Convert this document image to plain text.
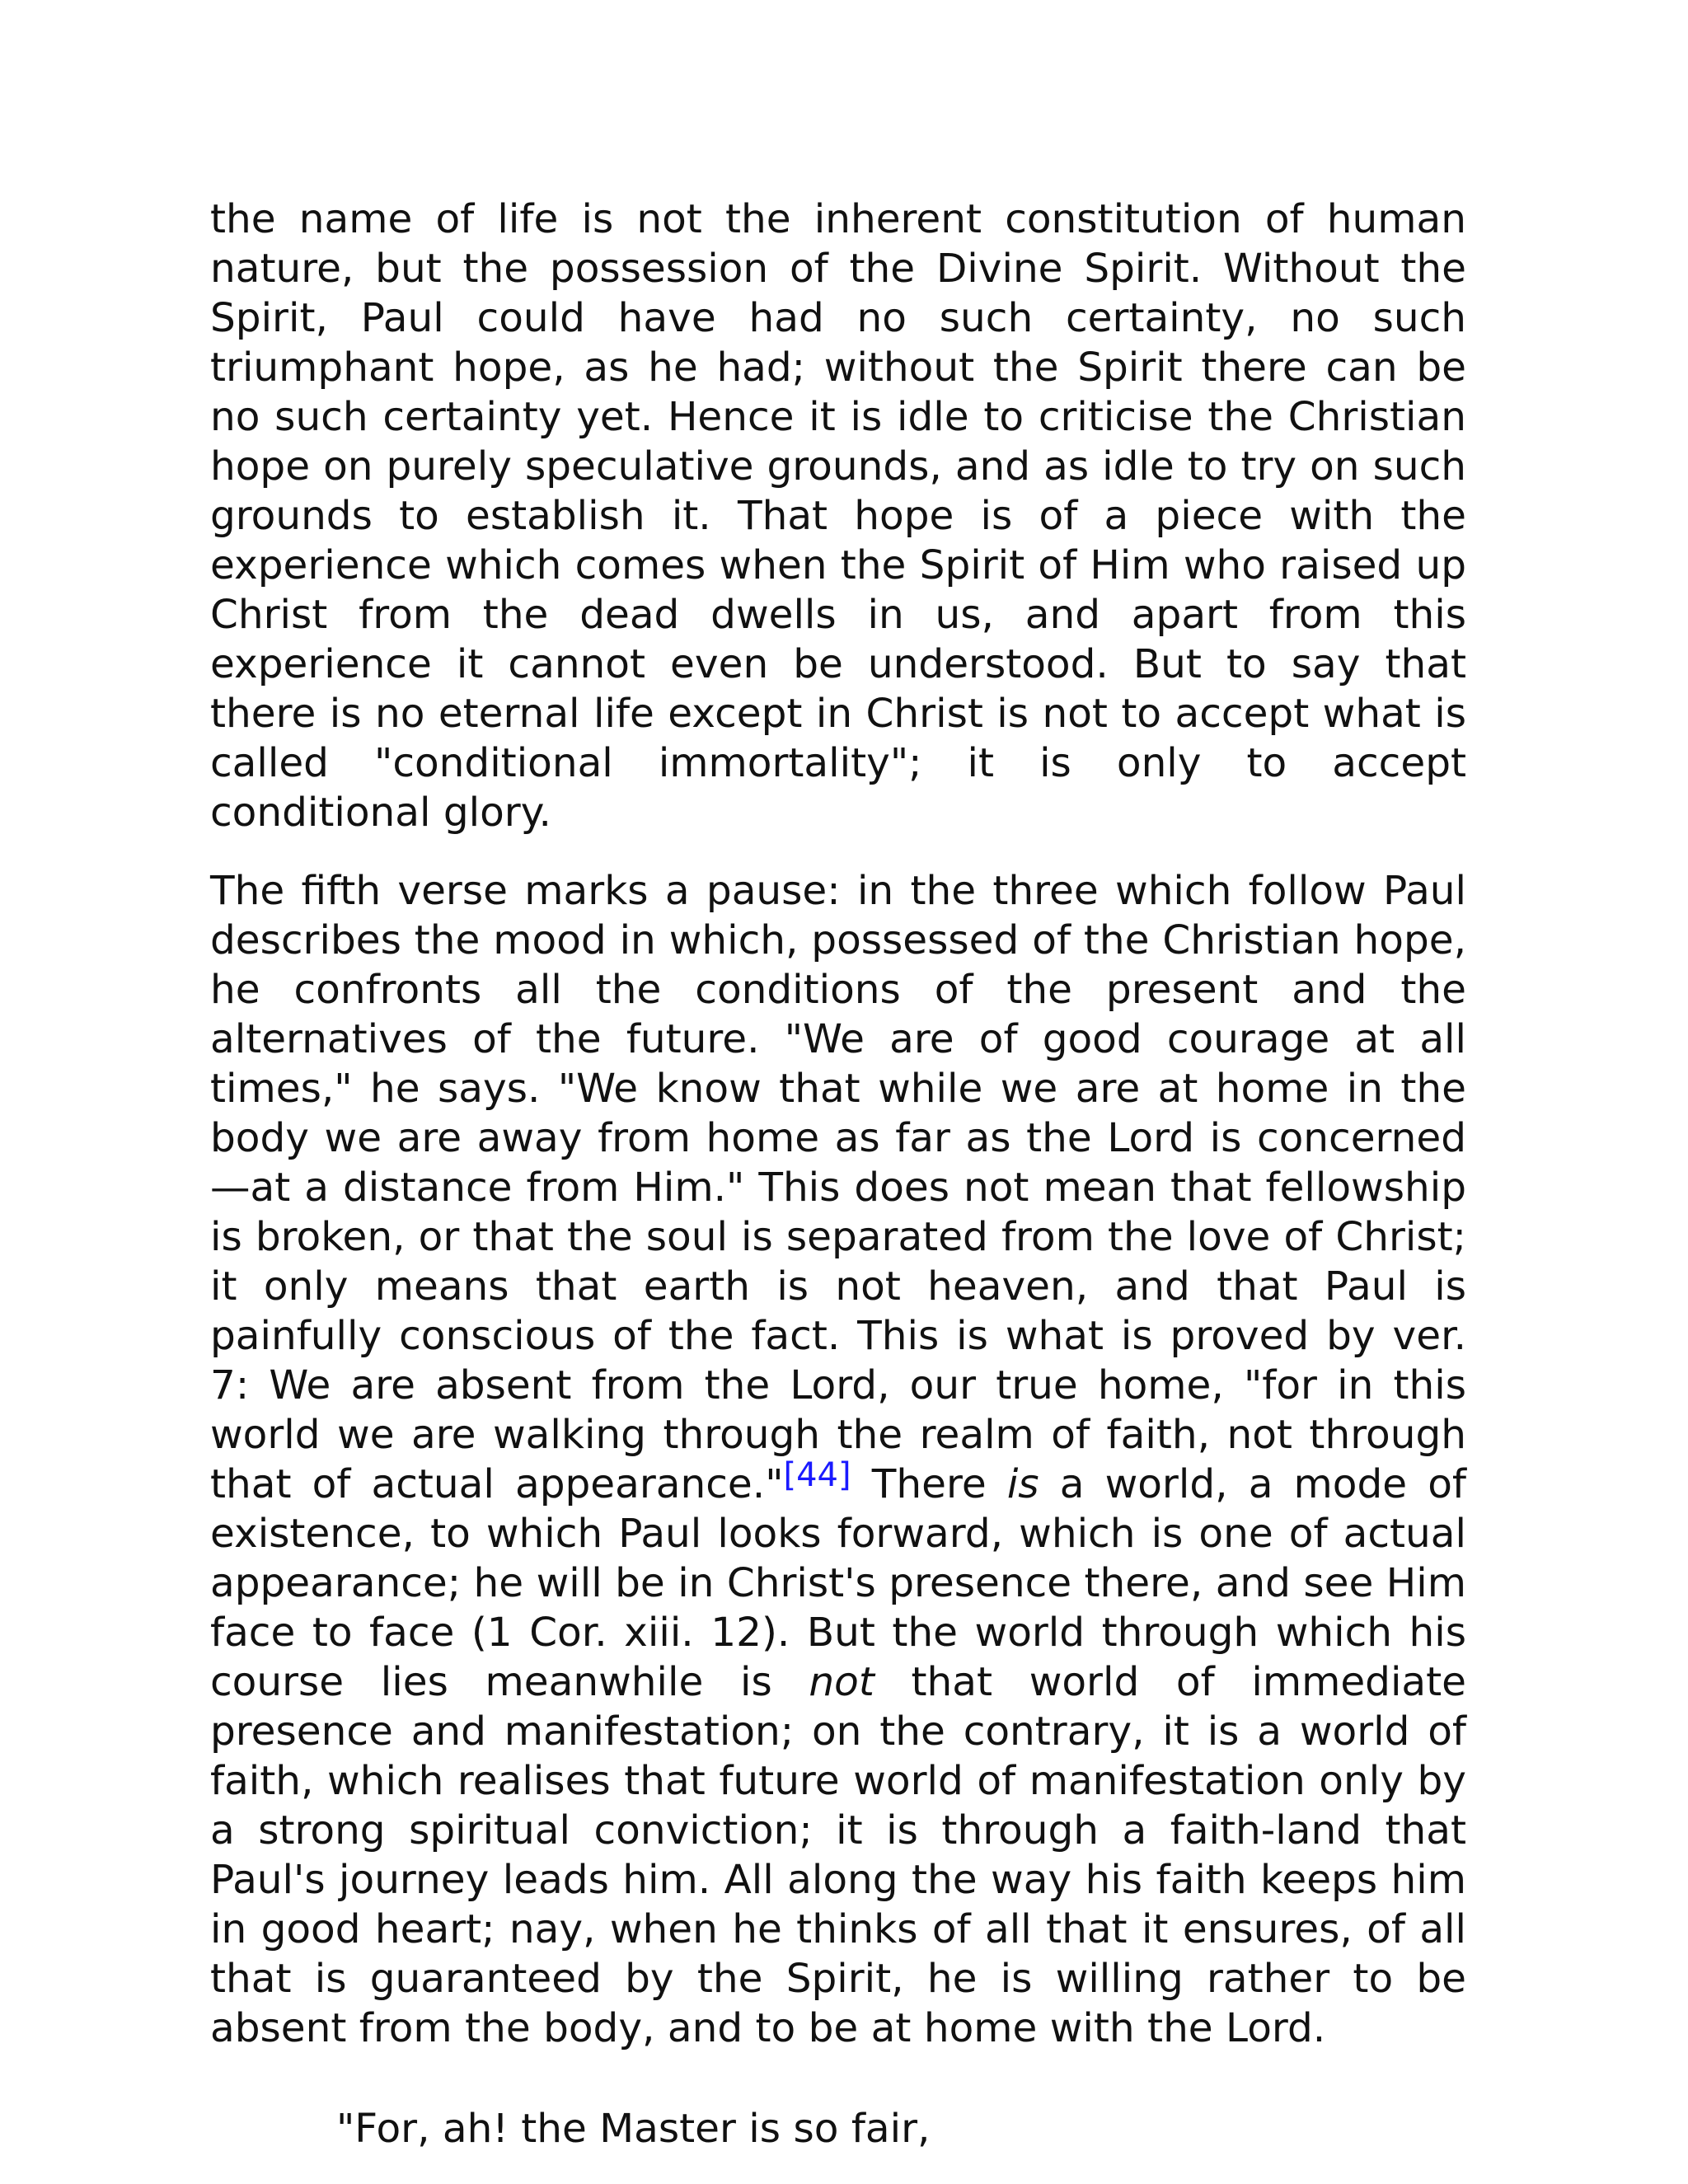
the name of life is not the inherent constitution of human nature, but the possession of the Divine Spirit. Without the Spirit, Paul could have had no such certainty, no such triumphant hope, as he had; without the Spirit there can be no such certainty yet. Hence it is idle to criticise the Christian hope on purely speculative grounds, and as idle to try on such grounds to establish it. That hope is of a piece with the experience which comes when the Spirit of Him who raised up Christ from the dead dwells in us, and apart from this experience it cannot even be understood. But to say that there is no eternal life except in Christ is not to accept what is called "conditional immortality"; it is only to accept conditional glory.

The fifth verse marks a pause: in the three which follow Paul describes the mood in which, possessed of the Christian hope, he confronts all the conditions of the present and the alternatives of the future. "We are of good courage at all times," he says. "We know that while we are at home in the body we are away from home as far as the Lord is concerned—at a distance from Him." This does not mean that fellowship is broken, or that the soul is separated from the love of Christ; it only means that earth is not heaven, and that Paul is painfully conscious of the fact. This is what is proved by ver. 7: We are absent from the Lord, our true home, "for in this world we are walking through the realm of faith, not through that of actual appearance."[44] There is a world, a mode of existence, to which Paul looks forward, which is one of actual appearance; he will be in Christ's presence there, and see Him face to face (1 Cor. xiii. 12). But the world through which his course lies meanwhile is not that world of immediate presence and manifestation; on the contrary, it is a world of faith, which realises that future world of manifestation only by a strong spiritual conviction; it is through a faith-land that Paul's journey leads him. All along the way his faith keeps him in good heart; nay, when he thinks of all that it ensures, of all that is guaranteed by the Spirit, he is willing rather to be absent from the body, and to be at home with the Lord.

"For, ah! the Master is so fair,
